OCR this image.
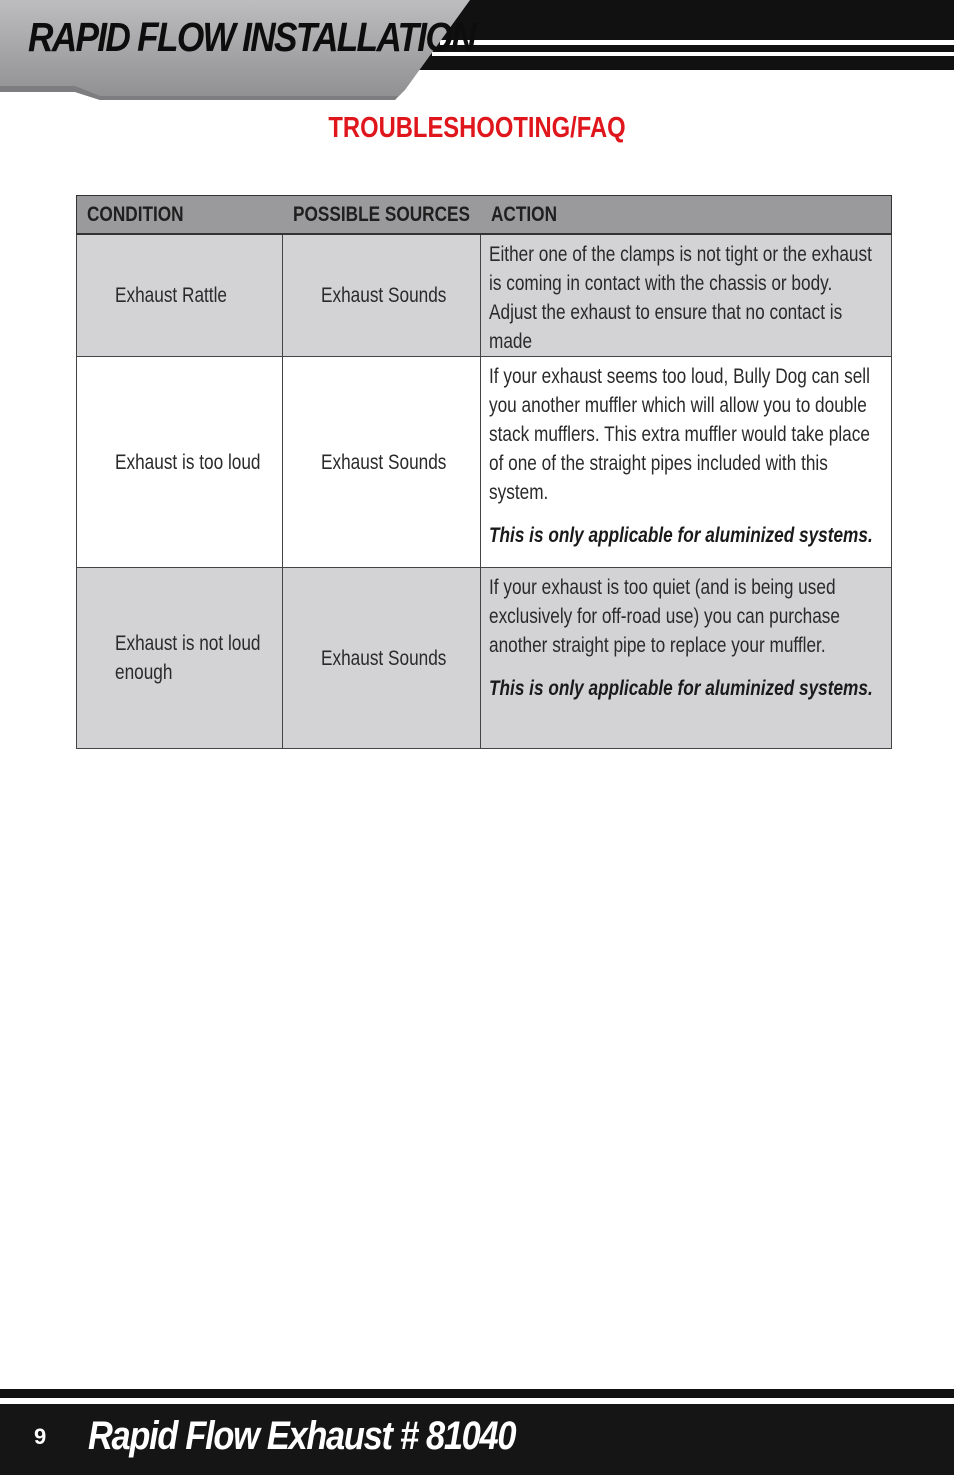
RAPID FLOW INSTALLATION
TROUBLESHOOTING/FAQ
CONDITION	POSSIBLE SOURCES	ACTION

Exhaust Rattle	Exhaust Sounds	Either one of the clamps is not tight or the exhaust is coming in contact with the chassis or body. Adjust the exhaust to ensure that no contact is made

Exhaust is too loud	Exhaust Sounds	If your exhaust seems too loud, Bully Dog can sell you another muffler which will allow you to double stack mufflers. This extra muffler would take place of one of the straight pipes included with this system.
This is only applicable for aluminized systems.

Exhaust is not loud enough	Exhaust Sounds	If your exhaust is too quiet (and is being used exclusively for off-road use) you can purchase another straight pipe to replace your muffler.
This is only applicable for aluminized systems.
9 Rapid Flow Exhaust # 81040
